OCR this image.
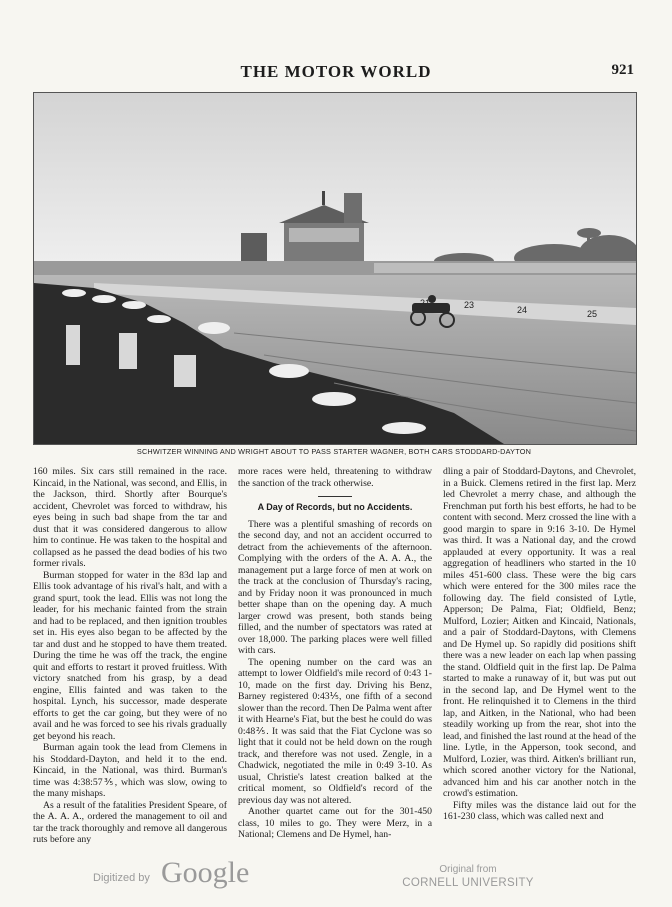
THE MOTOR WORLD	921
23	24	25
SCHWITZER WINNING AND WRIGHT ABOUT TO PASS STARTER WAGNER, BOTH CARS STODDARD-DAYTON

160 miles. Six cars still remained in the race. Kincaid, in the National, was second, and Ellis, in the Jackson, third. Shortly after Bourque's accident, Chevrolet was forced to withdraw, his eyes being in such bad shape from the tar and dust that it was considered dangerous to allow him to continue. He was taken to the hospital and collapsed as he passed the dead bodies of his two former rivals.

Burman stopped for water in the 83d lap and Ellis took advantage of his rival's halt, and with a grand spurt, took the lead. Ellis was not long the leader, for his mechanic fainted from the strain and had to be replaced, and then ignition troubles set in. His eyes also began to be affected by the tar and dust and he stopped to have them treated. During the time he was off the track, the engine quit and efforts to restart it proved fruitless. With victory snatched from his grasp, by a dead engine, Ellis fainted and was taken to the hospital. Lynch, his successor, made desperate efforts to get the car going, but they were of no avail and he was forced to see his rivals gradually get beyond his reach.

Burman again took the lead from Clemens in his Stoddard-Dayton, and held it to the end. Kincaid, in the National, was third. Burman's time was 4:38:57⅗, which was slow, owing to the many mishaps.

As a result of the fatalities President Speare, of the A. A. A., ordered the management to oil and tar the track thoroughly and remove all dangerous ruts before any

more races were held, threatening to withdraw the sanction of the track otherwise.

A Day of Records, but no Accidents.

There was a plentiful smashing of records on the second day, and not an accident occurred to detract from the achievements of the afternoon. Complying with the orders of the A. A. A., the management put a large force of men at work on the track at the conclusion of Thursday's racing, and by Friday noon it was pronounced in much better shape than on the opening day. A much larger crowd was present, both stands being filled, and the number of spectators was rated at over 18,000. The parking places were well filled with cars.

The opening number on the card was an attempt to lower Oldfield's mile record of 0:43 1-10, made on the first day. Driving his Benz, Barney registered 0:43⅕, one fifth of a second slower than the record. Then De Palma went after it with Hearne's Fiat, but the best he could do was 0:48⅖. It was said that the Fiat Cyclone was so light that it could not be held down on the rough track, and therefore was not used. Zengle, in a Chadwick, negotiated the mile in 0:49 3-10. As usual, Christie's latest creation balked at the critical moment, so Oldfield's record of the previous day was not altered.

Another quartet came out for the 301-450 class, 10 miles to go. They were Merz, in a National; Clemens and De Hymel, han-

dling a pair of Stoddard-Daytons, and Chevrolet, in a Buick. Clemens retired in the first lap. Merz led Chevrolet a merry chase, and although the Frenchman put forth his best efforts, he had to be content with second. Merz crossed the line with a good margin to spare in 9:16 3-10. De Hymel was third. It was a National day, and the crowd applauded at every opportunity. It was a real aggregation of headliners who started in the 10 miles 451-600 class. These were the big cars which were entered for the 300 miles race the following day. The field consisted of Lytle, Apperson; De Palma, Fiat; Oldfield, Benz; Mulford, Lozier; Aitken and Kincaid, Nationals, and a pair of Stoddard-Daytons, with Clemens and De Hymel up. So rapidly did positions shift there was a new leader on each lap when passing the stand. Oldfield quit in the first lap. De Palma started to make a runaway of it, but was put out in the second lap, and De Hymel went to the front. He relinquished it to Clemens in the third lap, and Aitken, in the National, who had been steadily working up from the rear, shot into the lead, and finished the last round at the head of the line. Lytle, in the Apperson, took second, and Mulford, Lozier, was third. Aitken's brilliant run, which scored another victory for the National, advanced him and his car another notch in the crowd's estimation.

Fifty miles was the distance laid out for the 161-230 class, which was called next and

Digitized by Google	Original from
CORNELL UNIVERSITY
